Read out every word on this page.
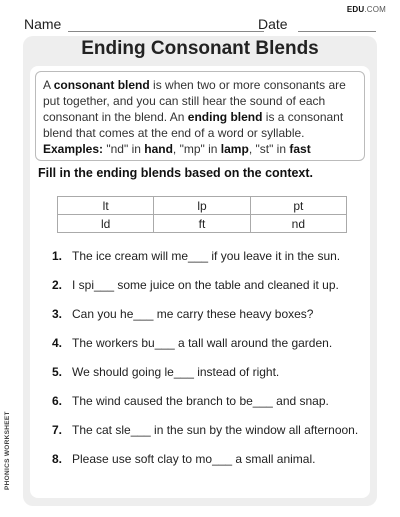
EDU.COM
Name	Date
Ending Consonant Blends
A consonant blend is when two or more consonants are put together, and you can still hear the sound of each consonant in the blend. An ending blend is a consonant blend that comes at the end of a word or syllable.
Examples: "nd" in hand, "mp" in lamp, "st" in fast
Fill in the ending blends based on the context.
lt	lp	pt
ld	ft	nd
1. The ice cream will me___ if you leave it in the sun.
2. I spi___ some juice on the table and cleaned it up.
3. Can you he___ me carry these heavy boxes?
4. The workers bu___ a tall wall around the garden.
5. We should going le___ instead of right.
6. The wind caused the branch to be___ and snap.
7. The cat sle___ in the sun by the window all afternoon.
8. Please use soft clay to mo___ a small animal.
PHONICS WORKSHEET
